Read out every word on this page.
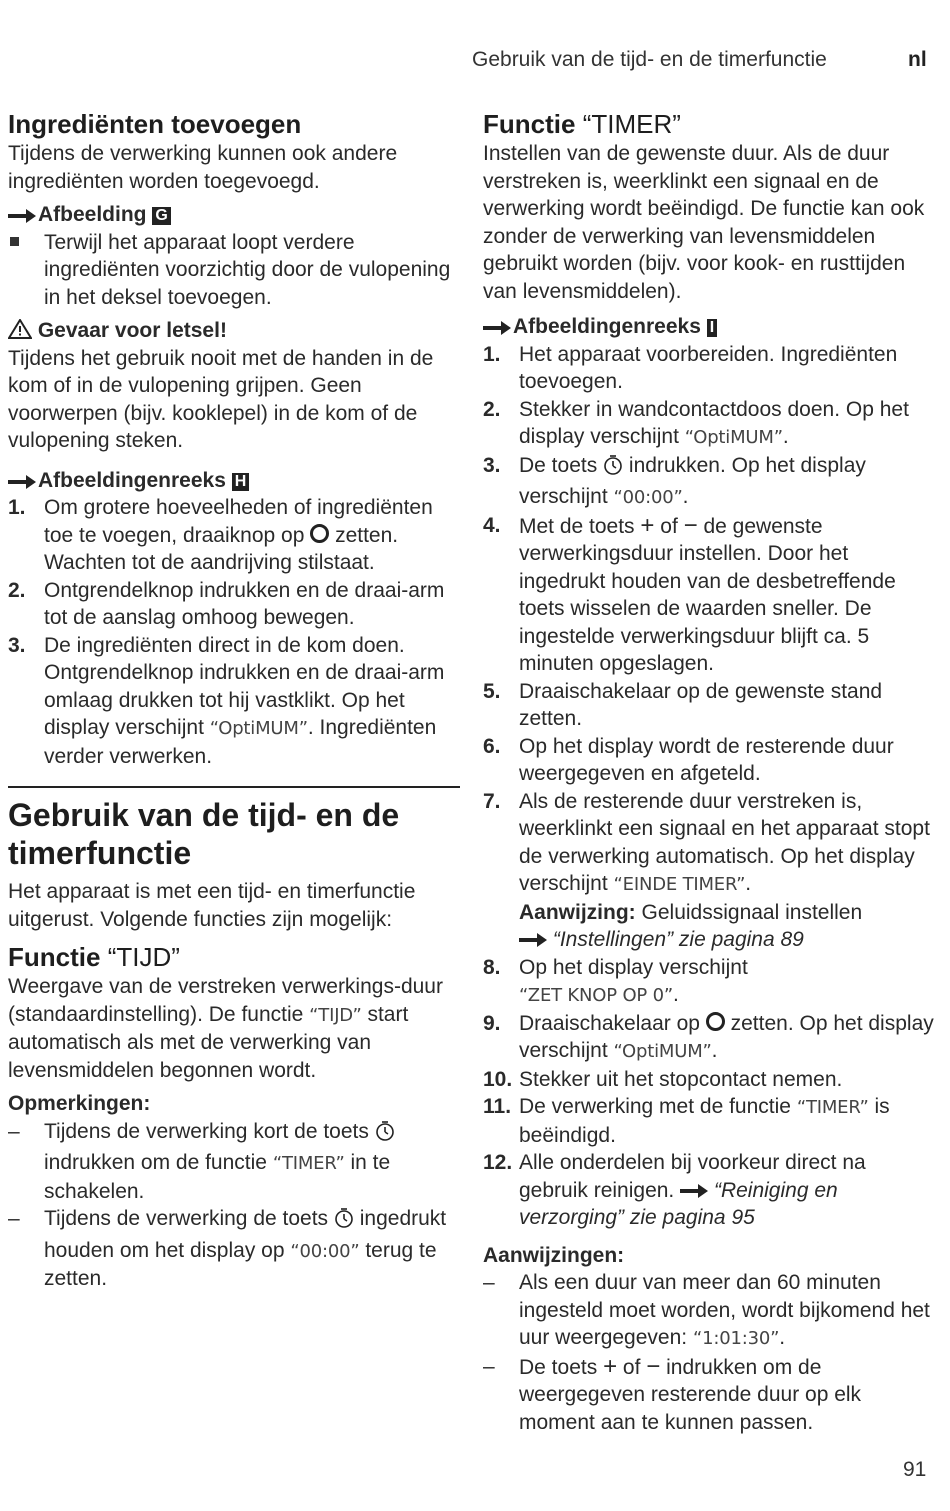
Gebruik van de tijd- en de timerfunctie	nl
Ingrediënten toevoegen

Tijdens de verwerking kunnen ook andere ingrediënten worden toegevoegd.

Afbeelding G
Terwijl het apparaat loopt verdere ingrediënten voorzichtig door de vulopening in het deksel toevoegen.
Gevaar voor letsel!

Tijdens het gebruik nooit met de handen in de kom of in de vulopening grijpen. Geen voorwerpen (bijv. kooklepel) in de kom of de vulopening steken.

Afbeeldingenreeks H
1. Om grotere hoeveelheden of ingrediënten toe te voegen, draaiknop op zetten. Wachten tot de aandrijving stilstaat.
2. Ontgrendelknop indrukken en de draai-arm tot de aanslag omhoog bewegen.
3. De ingrediënten direct in de kom doen. Ontgrendelknop indrukken en de draai-arm omlaag drukken tot hij vastklikt. Op het display verschijnt “OptiMUM”. Ingrediënten verder verwerken.
Gebruik van de tijd- en de timerfunctie

Het apparaat is met een tijd- en timerfunctie uitgerust. Volgende functies zijn mogelijk:

Functie “TIJD”

Weergave van de verstreken verwerkings-duur (standaardinstelling). De functie “TIJD” start automatisch als met de verwerking van levensmiddelen begonnen wordt.

Opmerkingen:
–	Tijdens de verwerking kort de toets  indrukken om de functie “TIMER” in te schakelen.
–	Tijdens de verwerking de toets ingedrukt houden om het display op “00:00” terug te zetten.
Functie “TIMER”

Instellen van de gewenste duur. Als de duur verstreken is, weerklinkt een signaal en de verwerking wordt beëindigd. De functie kan ook zonder de verwerking van levensmiddelen gebruikt worden (bijv. voor kook- en rusttijden van levensmiddelen).

Afbeeldingenreeks I
1. Het apparaat voorbereiden. Ingrediënten toevoegen.
2. Stekker in wandcontactdoos doen. Op het display verschijnt “OptiMUM”.
3. De toets indrukken. Op het display verschijnt “00:00”.
4. Met de toets + of − de gewenste verwerkingsduur instellen. Door het ingedrukt houden van de desbetreffende toets wisselen de waarden sneller. De ingestelde verwerkingsduur blijft ca. 5 minuten opgeslagen.
5. Draaischakelaar op de gewenste stand zetten.
6. Op het display wordt de resterende duur weergegeven en afgeteld.
7. Als de resterende duur verstreken is, weerklinkt een signaal en het apparaat stopt de verwerking automatisch. Op het display verschijnt “EINDE TIMER”.
Aanwijzing: Geluidssignaal instellen
“Instellingen” zie pagina 89
8. Op het display verschijnt
“ZET KNOP OP 0”.
9. Draaischakelaar op zetten. Op het display verschijnt “OptiMUM”.
10. Stekker uit het stopcontact nemen.
11. De verwerking met de functie “TIMER” is beëindigd.
12. Alle onderdelen bij voorkeur direct na gebruik reinigen. “Reiniging en verzorging” zie pagina 95
Aanwijzingen:
–	Als een duur van meer dan 60 minuten ingesteld moet worden, wordt bijkomend het uur weergegeven: “1:01:30”.
–	De toets + of − indrukken om de weergegeven resterende duur op elk moment aan te kunnen passen.
91
